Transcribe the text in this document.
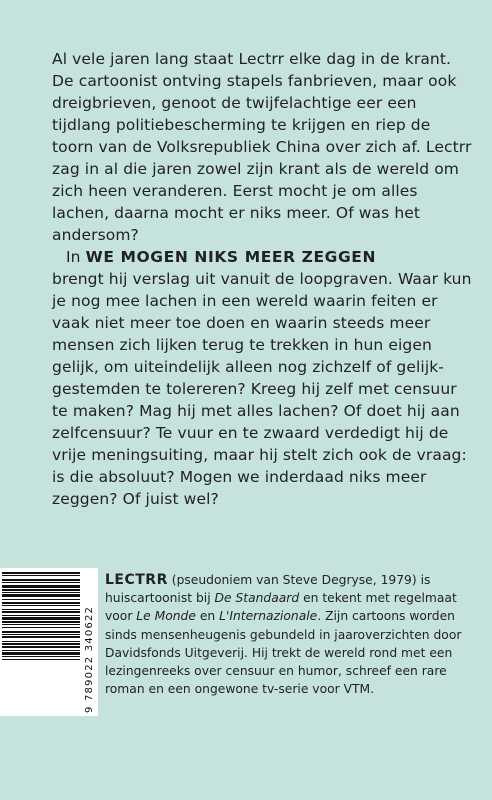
Al vele jaren lang staat Lectrr elke dag in de krant. De cartoonist ontving stapels fanbrieven, maar ook dreigbrieven, genoot de twijfelachtige eer een tijdlang politiebescherming te krijgen en riep de toorn van de Volksrepubliek China over zich af. Lectrr zag in al die jaren zowel zijn krant als de wereld om zich heen veranderen. Eerst mocht je om alles lachen, daarna mocht er niks meer. Of was het andersom?

In WE MOGEN NIKS MEER ZEGGEN

brengt hij verslag uit vanuit de loopgraven. Waar kun je nog mee lachen in een wereld waarin feiten er vaak niet meer toe doen en waarin steeds meer mensen zich lijken terug te trekken in hun eigen gelijk, om uiteindelijk alleen nog zichzelf of gelijk-gestemden te tolereren? Kreeg hij zelf met censuur te maken? Mag hij met alles lachen? Of doet hij aan zelfcensuur? Te vuur en te zwaard verdedigt hij de vrije meningsuiting, maar hij stelt zich ook de vraag: is die absoluut? Mogen we inderdaad niks meer zeggen? Of juist wel?

9 789022 340622
LECTRR (pseudoniem van Steve Degryse, 1979) is huiscartoonist bij De Standaard en tekent met regelmaat voor Le Monde en L'Internazionale. Zijn cartoons worden sinds mensenheugenis gebundeld in jaaroverzichten door Davidsfonds Uitgeverij. Hij trekt de wereld rond met een lezingenreeks over censuur en humor, schreef een rare roman en een ongewone tv-serie voor VTM.
